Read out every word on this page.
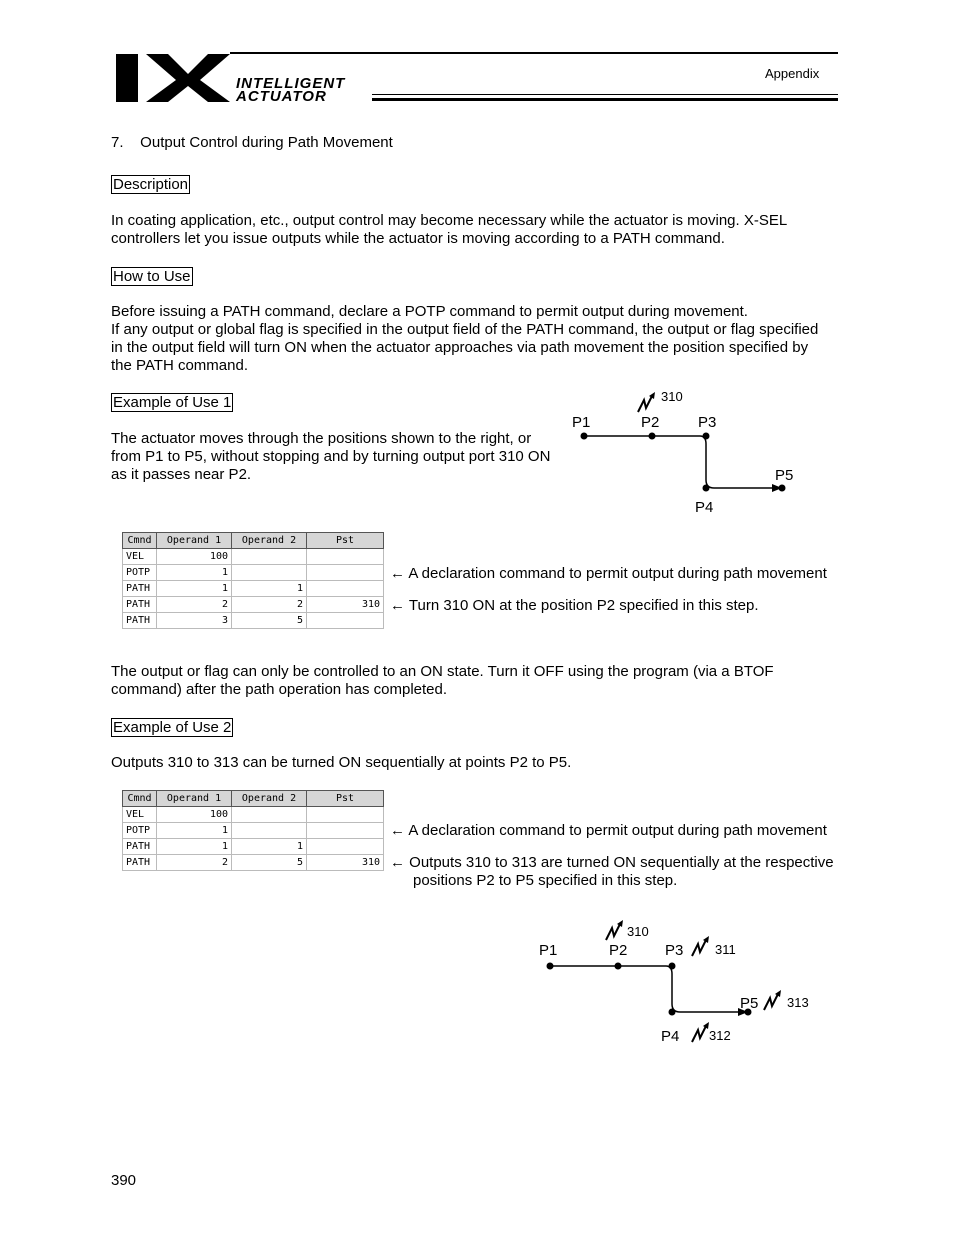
INTELLIGENT
ACTUATOR
Appendix
7.    Output Control during Path Movement
Description
In coating application, etc., output control may become necessary while the actuator is moving. X-SEL controllers let you issue outputs while the actuator is moving according to a PATH command.
How to Use
Before issuing a PATH command, declare a POTP command to permit output during movement.
If any output or global flag is specified in the output field of the PATH command, the output or flag specified in the output field will turn ON when the actuator approaches via path movement the position specified by the PATH command.
Example of Use 1
The actuator moves through the positions shown to the right, or from P1 to P5, without stopping and by turning output port 310 ON as it passes near P2.
P1	P2	P3
P4
P5
310
Cmnd	Operand 1	Operand 2	Pst
VEL	100		
POTP	1		
PATH	1	1	
PATH	2	2	310
PATH	3	5	
← A declaration command to permit output during path movement
← Turn 310 ON at the position P2 specified in this step.
The output or flag can only be controlled to an ON state. Turn it OFF using the program (via a BTOF command) after the path operation has completed.
Example of Use 2
Outputs 310 to 313 can be turned ON sequentially at points P2 to P5.
Cmnd	Operand 1	Operand 2	Pst
VEL	100		
POTP	1		
PATH	1	1	
PATH	2	5	310
← A declaration command to permit output during path movement
← Outputs 310 to 313 are turned ON sequentially at the respective
positions P2 to P5 specified in this step.
P1	P2	P3
P4
P5
310
311
312
313
390
